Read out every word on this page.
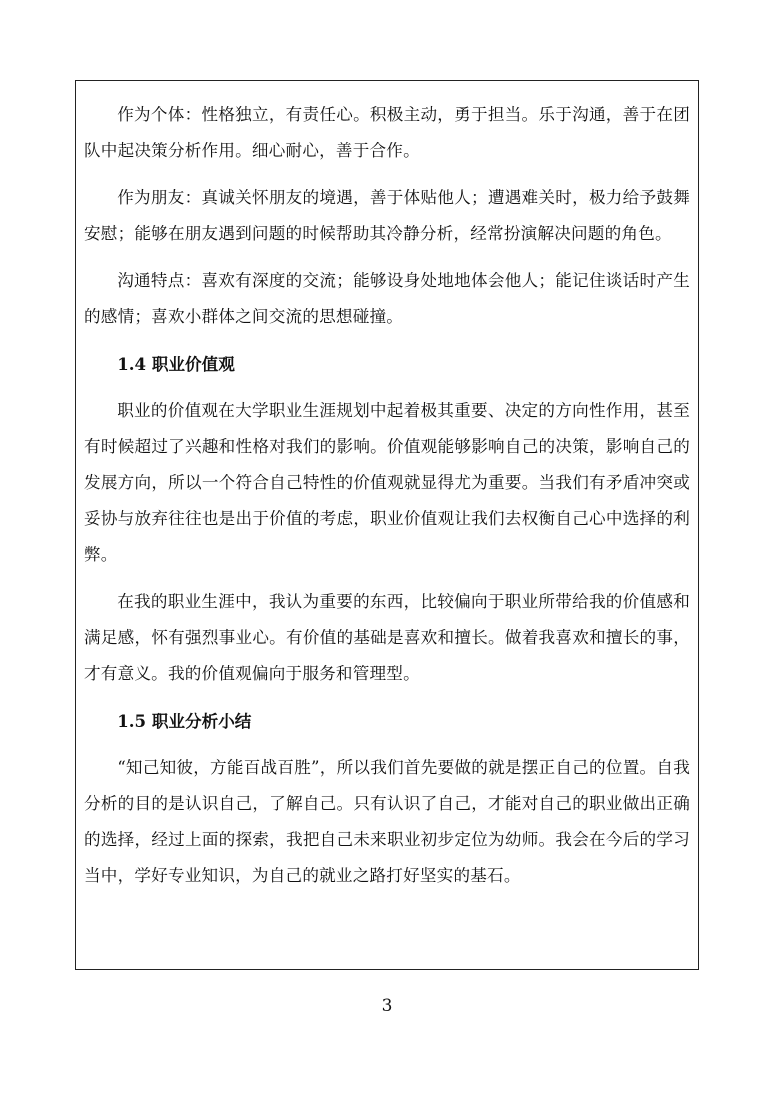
作为个体：性格独立，有责任心。积极主动，勇于担当。乐于沟通，善于在团队中起决策分析作用。细心耐心，善于合作。

作为朋友：真诚关怀朋友的境遇，善于体贴他人；遭遇难关时，极力给予鼓舞安慰；能够在朋友遇到问题的时候帮助其冷静分析，经常扮演解决问题的角色。

沟通特点：喜欢有深度的交流；能够设身处地地体会他人；能记住谈话时产生的感情；喜欢小群体之间交流的思想碰撞。

1.4 职业价值观

职业的价值观在大学职业生涯规划中起着极其重要、决定的方向性作用，甚至有时候超过了兴趣和性格对我们的影响。价值观能够影响自己的决策，影响自己的发展方向，所以一个符合自己特性的价值观就显得尤为重要。当我们有矛盾冲突或妥协与放弃往往也是出于价值的考虑，职业价值观让我们去权衡自己心中选择的利弊。

在我的职业生涯中，我认为重要的东西，比较偏向于职业所带给我的价值感和满足感，怀有强烈事业心。有价值的基础是喜欢和擅长。做着我喜欢和擅长的事，才有意义。我的价值观偏向于服务和管理型。

1.5 职业分析小结

“知己知彼，方能百战百胜”，所以我们首先要做的就是摆正自己的位置。自我分析的目的是认识自己，了解自己。只有认识了自己，才能对自己的职业做出正确的选择，经过上面的探索，我把自己未来职业初步定位为幼师。我会在今后的学习当中，学好专业知识，为自己的就业之路打好坚实的基石。

3
